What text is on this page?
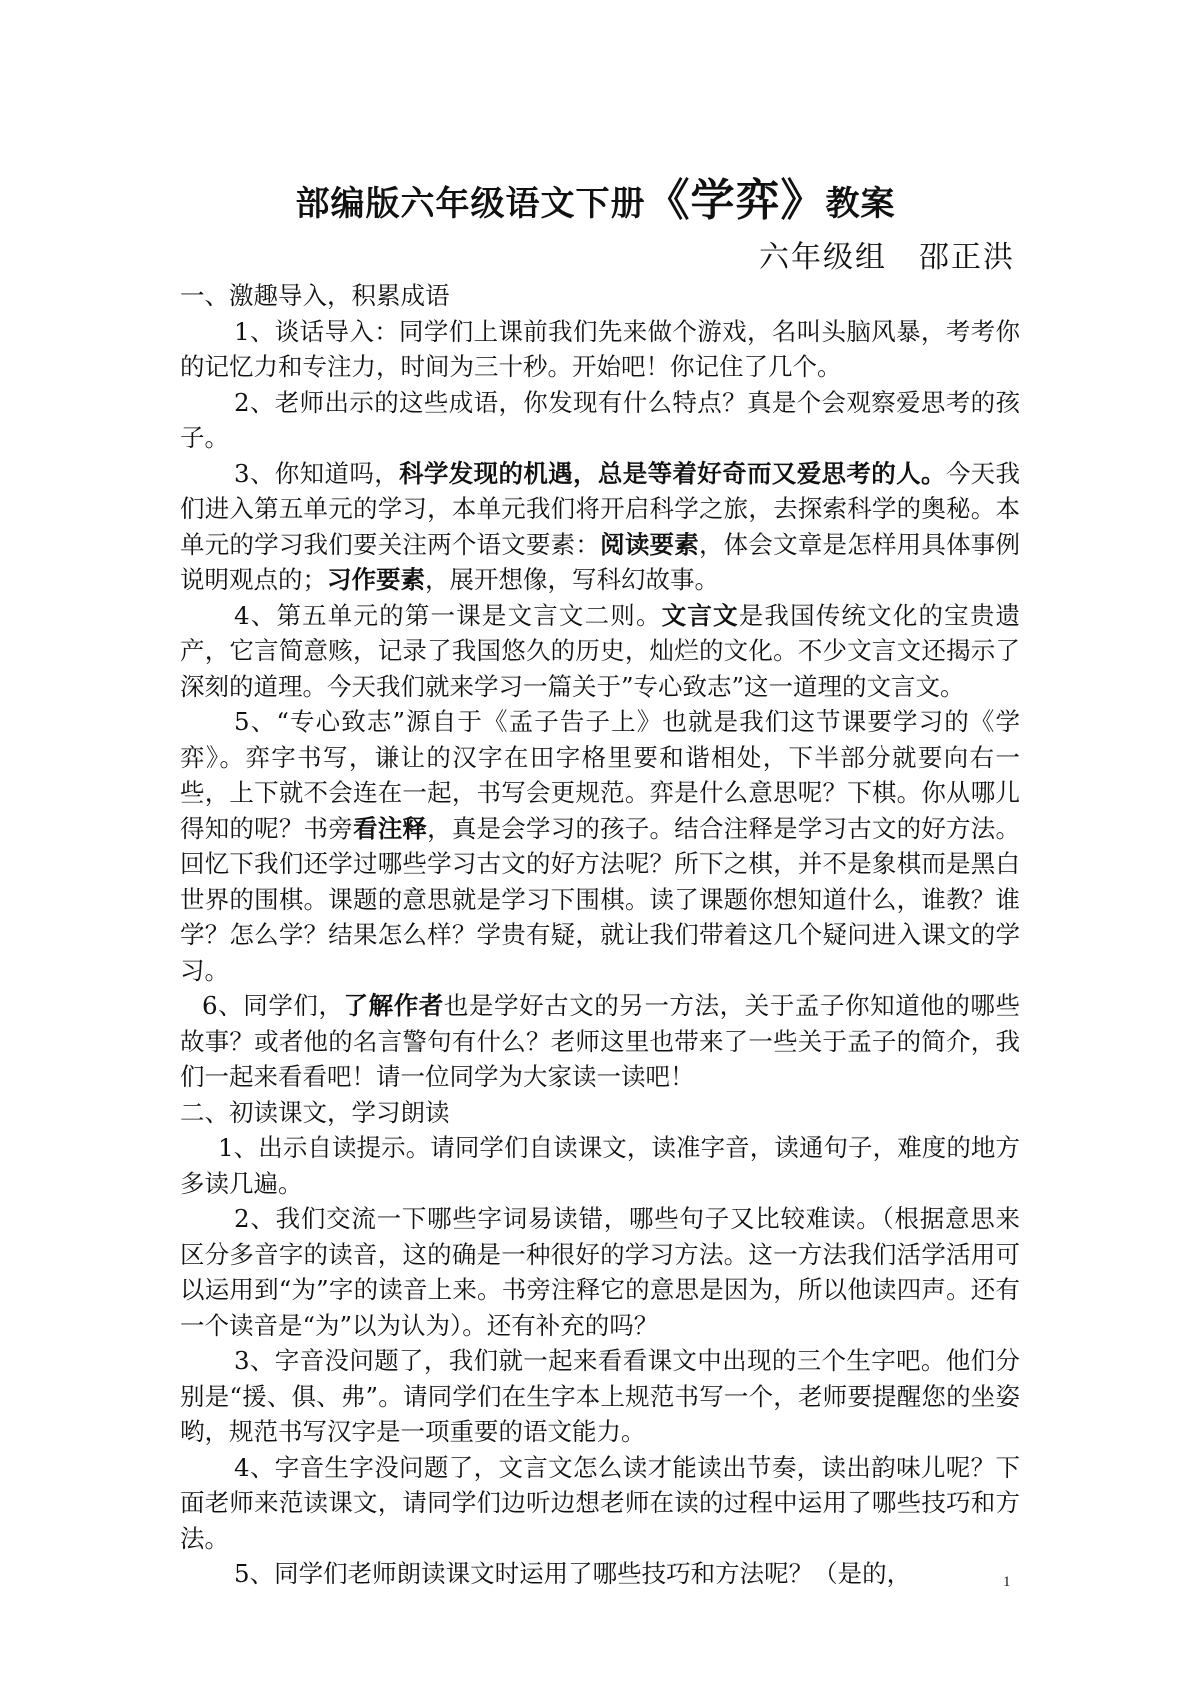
部编版六年级语文下册《学弈》教案

六年级组　邵正洪

一、激趣导入，积累成语

1、谈话导入：同学们上课前我们先来做个游戏，名叫头脑风暴，考考你的记忆力和专注力，时间为三十秒。开始吧！你记住了几个。

2、老师出示的这些成语，你发现有什么特点？真是个会观察爱思考的孩子。

3、你知道吗，科学发现的机遇，总是等着好奇而又爱思考的人。今天我们进入第五单元的学习，本单元我们将开启科学之旅，去探索科学的奥秘。本单元的学习我们要关注两个语文要素：阅读要素，体会文章是怎样用具体事例说明观点的；习作要素，展开想像，写科幻故事。

4、第五单元的第一课是文言文二则。文言文是我国传统文化的宝贵遗产，它言简意赅，记录了我国悠久的历史，灿烂的文化。不少文言文还揭示了深刻的道理。今天我们就来学习一篇关于”专心致志”这一道理的文言文。

5、“专心致志”源自于《孟子告子上》也就是我们这节课要学习的《学弈》。弈字书写，谦让的汉字在田字格里要和谐相处，下半部分就要向右一些，上下就不会连在一起，书写会更规范。弈是什么意思呢？下棋。你从哪儿得知的呢？书旁看注释，真是会学习的孩子。结合注释是学习古文的好方法。回忆下我们还学过哪些学习古文的好方法呢？所下之棋，并不是象棋而是黑白世界的围棋。课题的意思就是学习下围棋。读了课题你想知道什么，谁教？谁学？怎么学？结果怎么样？学贵有疑，就让我们带着这几个疑问进入课文的学习。

6、同学们，了解作者也是学好古文的另一方法，关于孟子你知道他的哪些故事？或者他的名言警句有什么？老师这里也带来了一些关于孟子的简介，我们一起来看看吧！请一位同学为大家读一读吧！

二、初读课文，学习朗读

1、出示自读提示。请同学们自读课文，读准字音，读通句子，难度的地方多读几遍。

2、我们交流一下哪些字词易读错，哪些句子又比较难读。（根据意思来区分多音字的读音，这的确是一种很好的学习方法。这一方法我们活学活用可以运用到“为”字的读音上来。书旁注释它的意思是因为，所以他读四声。还有一个读音是“为”以为认为）。还有补充的吗？

3、字音没问题了，我们就一起来看看课文中出现的三个生字吧。他们分别是“援、俱、弗”。请同学们在生字本上规范书写一个，老师要提醒您的坐姿哟，规范书写汉字是一项重要的语文能力。

4、字音生字没问题了，文言文怎么读才能读出节奏，读出韵味儿呢？下面老师来范读课文，请同学们边听边想老师在读的过程中运用了哪些技巧和方法。

5、同学们老师朗读课文时运用了哪些技巧和方法呢？（是的，	1
